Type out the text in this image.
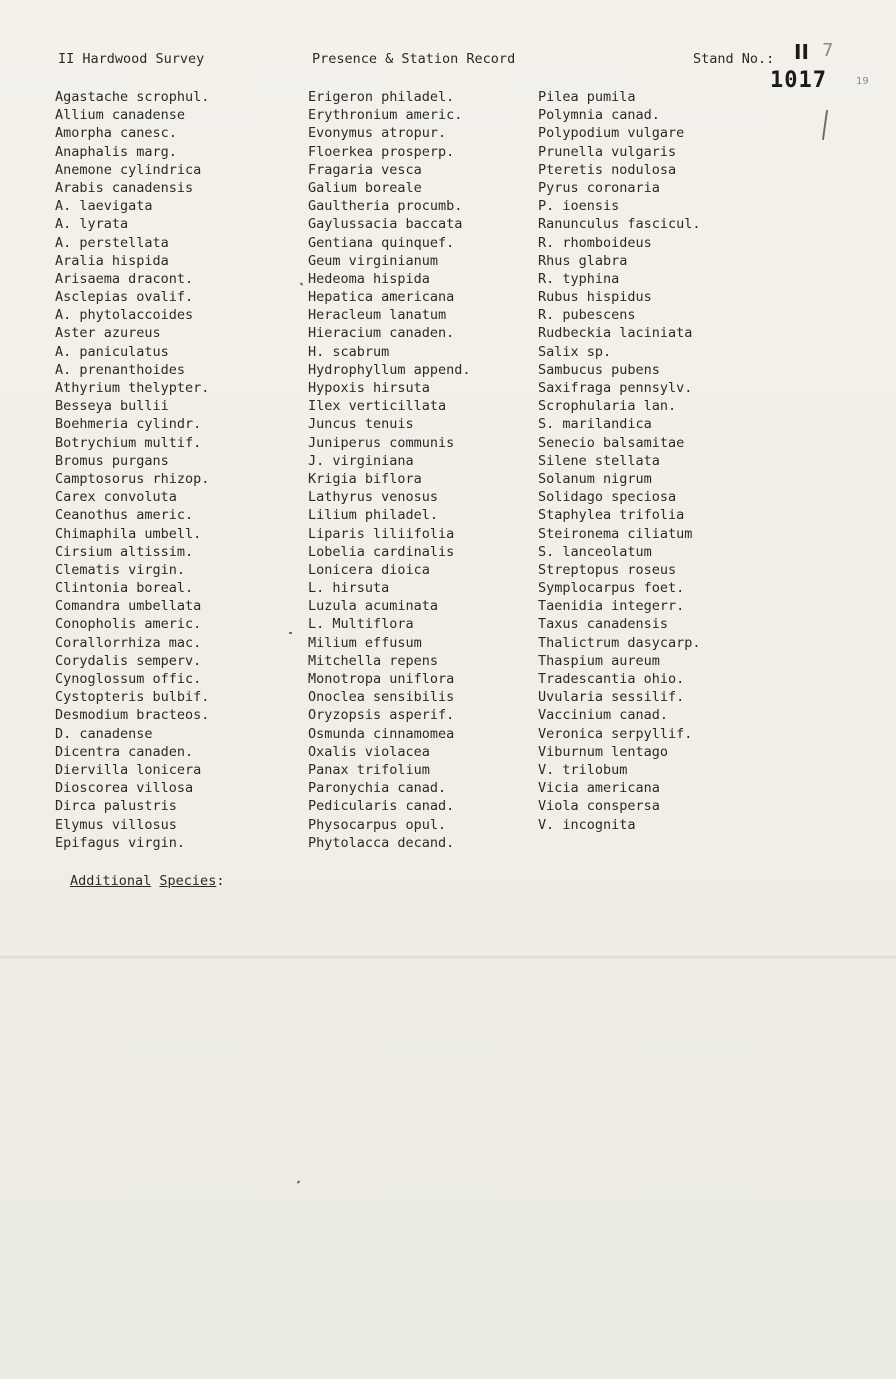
II Hardwood Survey	Presence & Station Record	Stand No.: II 7
1017	19
Agastache scrophul.
Allium canadense
Amorpha canesc.
Anaphalis marg.
Anemone cylindrica
Arabis canadensis
A. laevigata
A. lyrata
A. perstellata
Aralia hispida
Arisaema dracont.
Asclepias ovalif.
A. phytolaccoides
Aster azureus
A. paniculatus
A. prenanthoides
Athyrium thelypter.
Besseya bullii
Boehmeria cylindr.
Botrychium multif.
Bromus purgans
Camptosorus rhizop.
Carex convoluta
Ceanothus americ.
Chimaphila umbell.
Cirsium altissim.
Clematis virgin.
Clintonia boreal.
Comandra umbellata
Conopholis americ.
Corallorrhiza mac.
Corydalis semperv.
Cynoglossum offic.
Cystopteris bulbif.
Desmodium bracteos.
D. canadense
Dicentra canaden.
Diervilla lonicera
Dioscorea villosa
Dirca palustris
Elymus villosus
Epifagus virgin.
Erigeron philadel.
Erythronium americ.
Evonymus atropur.
Floerkea prosperp.
Fragaria vesca
Galium boreale
Gaultheria procumb.
Gaylussacia baccata
Gentiana quinquef.
Geum virginianum
Hedeoma hispida
Hepatica americana
Heracleum lanatum
Hieracium canaden.
H. scabrum
Hydrophyllum append.
Hypoxis hirsuta
Ilex verticillata
Juncus tenuis
Juniperus communis
J. virginiana
Krigia biflora
Lathyrus venosus
Lilium philadel.
Liparis liliifolia
Lobelia cardinalis
Lonicera dioica
L. hirsuta
Luzula acuminata
L. Multiflora
Milium effusum
Mitchella repens
Monotropa uniflora
Onoclea sensibilis
Oryzopsis asperif.
Osmunda cinnamomea
Oxalis violacea
Panax trifolium
Paronychia canad.
Pedicularis canad.
Physocarpus opul.
Phytolacca decand.
Pilea pumila
Polymnia canad.
Polypodium vulgare
Prunella vulgaris
Pteretis nodulosa
Pyrus coronaria
P. ioensis
Ranunculus fascicul.
R. rhomboideus
Rhus glabra
R. typhina
Rubus hispidus
R. pubescens
Rudbeckia laciniata
Salix sp.
Sambucus pubens
Saxifraga pennsylv.
Scrophularia lan.
S. marilandica
Senecio balsamitae
Silene stellata
Solanum nigrum
Solidago speciosa
Staphylea trifolia
Steironema ciliatum
S. lanceolatum
Streptopus roseus
Symplocarpus foet.
Taenidia integerr.
Taxus canadensis
Thalictrum dasycarp.
Thaspium aureum
Tradescantia ohio.
Uvularia sessilif.
Vaccinium canad.
Veronica serpyllif.
Viburnum lentago
V. trilobum
Vicia americana
Viola conspersa
V. incognita
Additional Species:
